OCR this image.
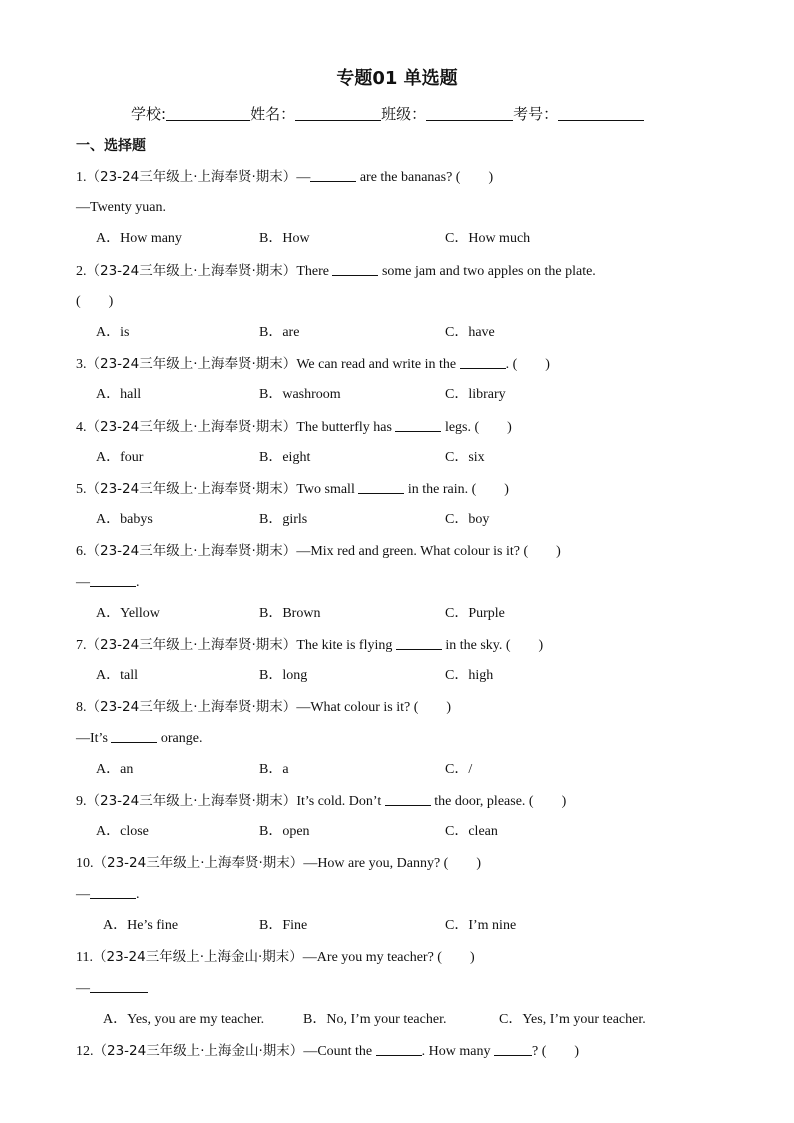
专题01 单选题
学校:	姓名：	班级：	考号：
一、选择题
1.（23-24三年级上·上海奉贤·期末）—	are the bananas? (　　)
—Twenty yuan.
A．How many	B．How	C．How much
2.（23-24三年级上·上海奉贤·期末）There	some jam and two apples on the plate.
(　　)
A．is	B．are	C．have
3.（23-24三年级上·上海奉贤·期末）We can read and write in the	. (　　)
A．hall	B．washroom	C．library
4.（23-24三年级上·上海奉贤·期末）The butterfly has	legs. (　　)
A．four	B．eight	C．six
5.（23-24三年级上·上海奉贤·期末）Two small	in the rain. (　　)
A．babys	B．girls	C．boy
6.（23-24三年级上·上海奉贤·期末）—Mix red and green. What colour is it? (　　)
—	.
A．Yellow	B．Brown	C．Purple
7.（23-24三年级上·上海奉贤·期末）The kite is flying	in the sky. (　　)
A．tall	B．long	C．high
8.（23-24三年级上·上海奉贤·期末）—What colour is it? (　　)
—It’s	orange.
A．an	B．a	C．/
9.（23-24三年级上·上海奉贤·期末）It’s cold. Don’t	the door, please. (　　)
A．close	B．open	C．clean
10.（23-24三年级上·上海奉贤·期末）—How are you, Danny? (　　)
—	.
A．He’s fine	B．Fine	C．I’m nine
11.（23-24三年级上·上海金山·期末）—Are you my teacher? (　　)
—
A．Yes, you are my teacher.	B．No, I’m your teacher.	C．Yes, I’m your teacher.
12.（23-24三年级上·上海金山·期末）—Count the	. How many	? (　　)
